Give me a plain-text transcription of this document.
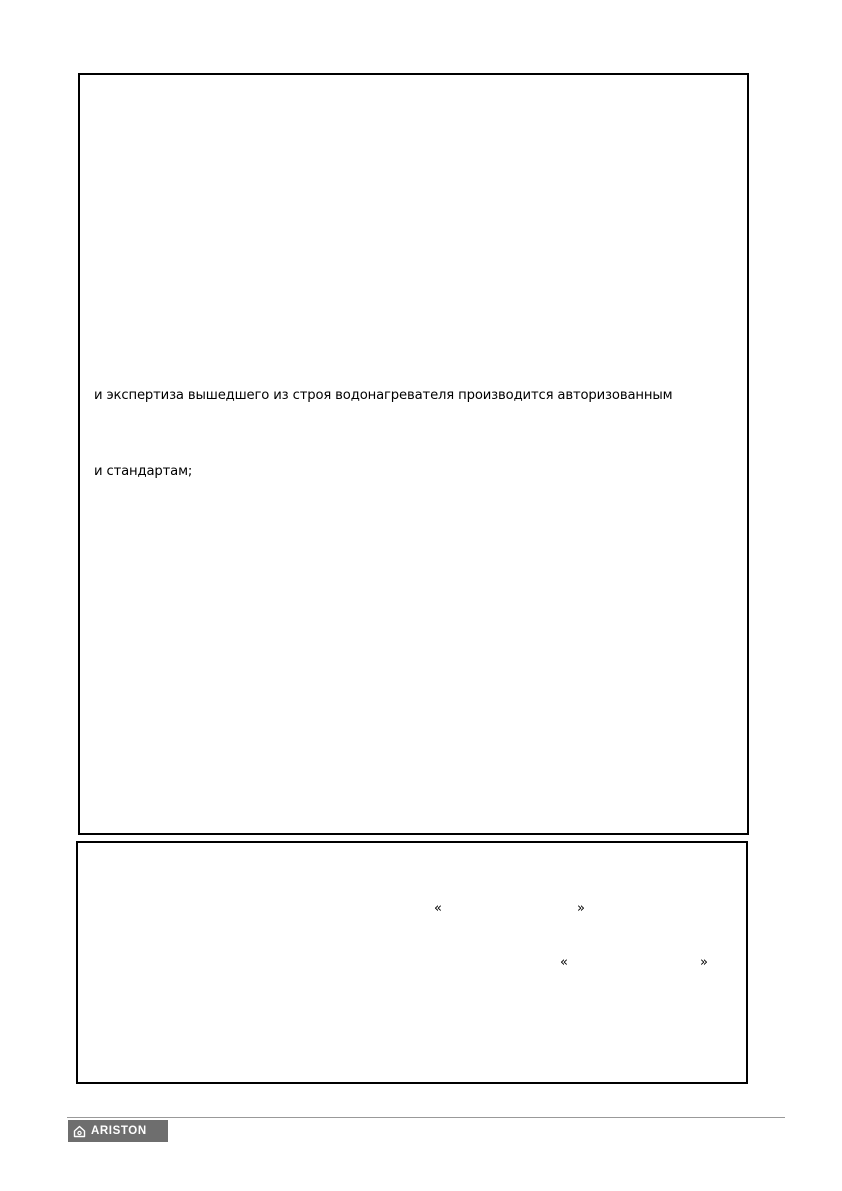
и экспертиза вышедшего из строя водонагревателя производится авторизованным
и стандартам;
«	»
«	»
ARISTON
